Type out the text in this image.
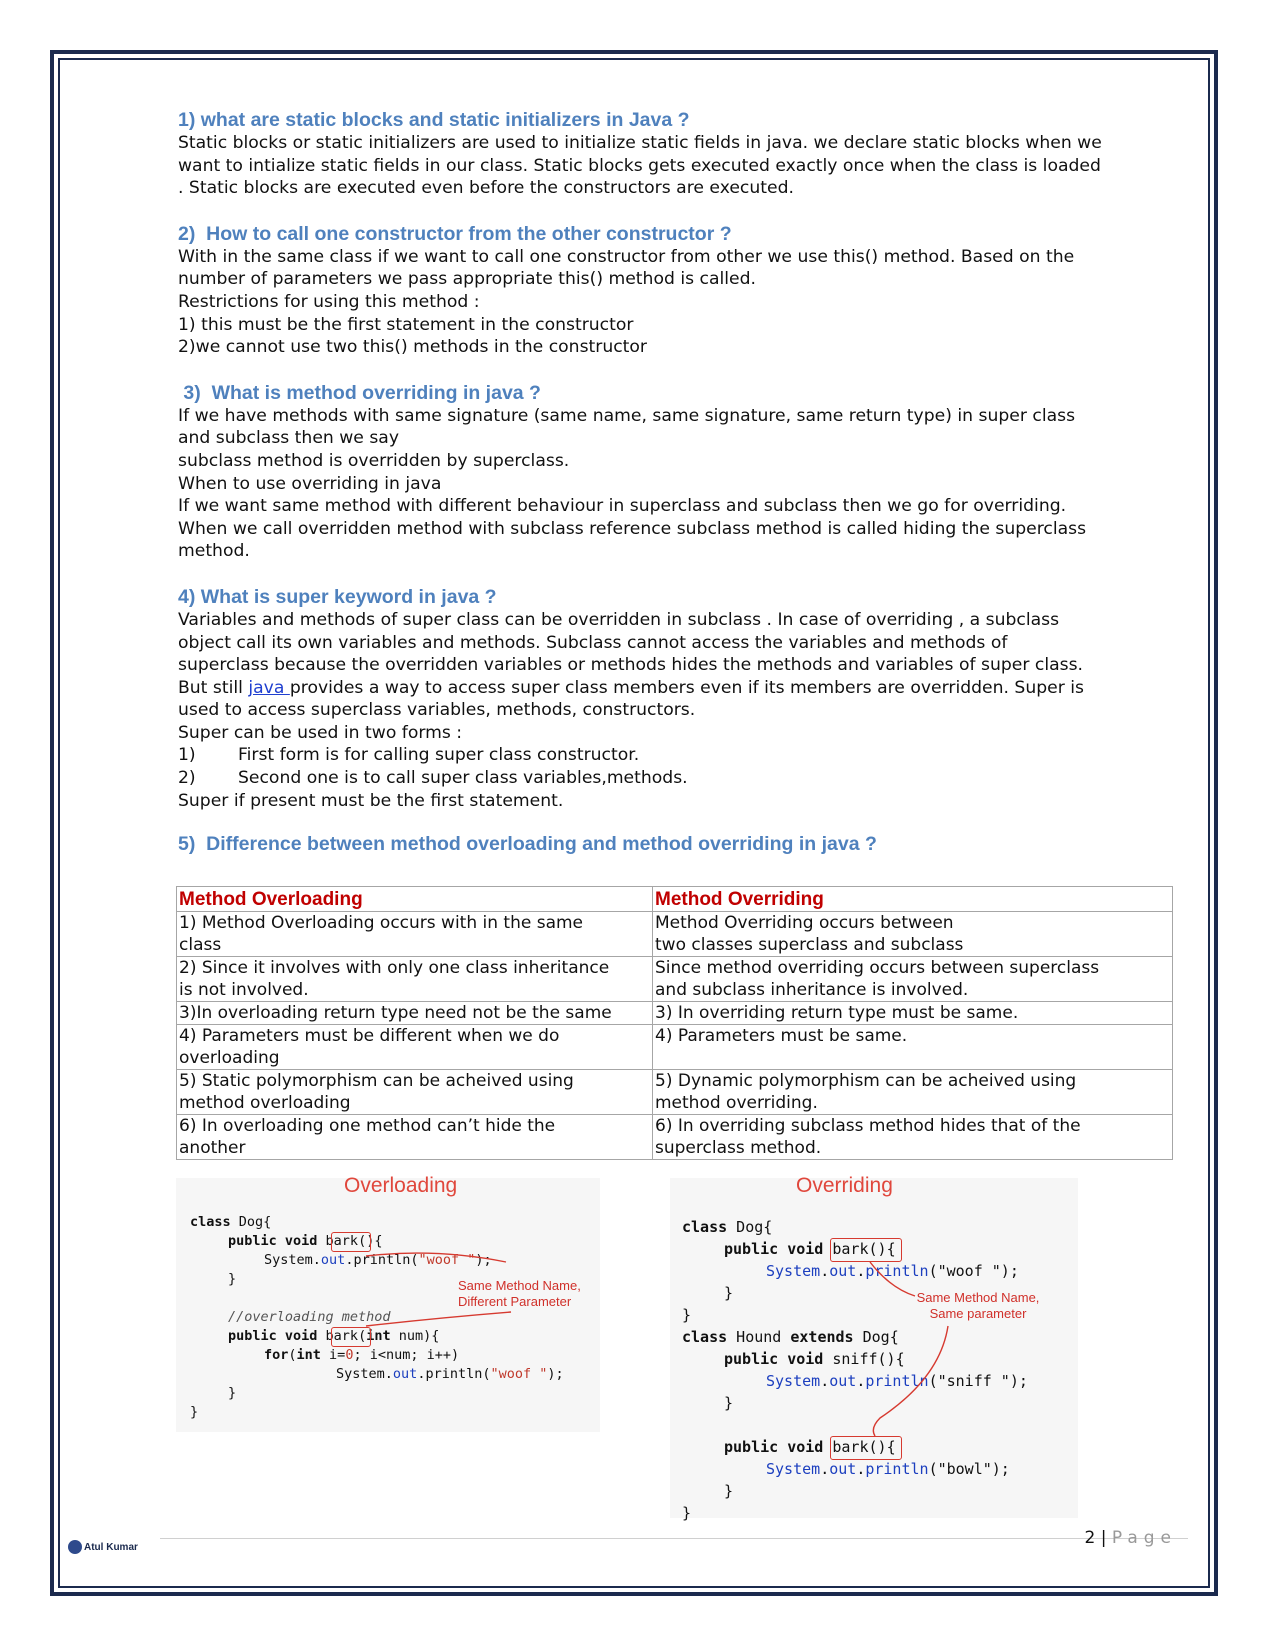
1) what are static blocks and static initializers in Java ?

Static blocks or static initializers are used to initialize static fields in java. we declare static blocks when we

want to intialize static fields in our class. Static blocks gets executed exactly once when the class is loaded

. Static blocks are executed even before the constructors are executed.

2)  How to call one constructor from the other constructor ?

With in the same class if we want to call one constructor from other we use this() method. Based on the

number of parameters we pass appropriate this() method is called.

Restrictions for using this method :

1) this must be the first statement in the constructor

2)we cannot use two this() methods in the constructor

3)  What is method overriding in java ?

If we have methods with same signature (same name, same signature, same return type) in super class

and subclass then we say

subclass method is overridden by superclass.

When to use overriding in java

If we want same method with different behaviour in superclass and subclass then we go for overriding.

When we call overridden method with subclass reference subclass method is called hiding the superclass

method.

4) What is super keyword in java ?

Variables and methods of super class can be overridden in subclass . In case of overriding , a subclass

object call its own variables and methods. Subclass cannot access the variables and methods of

superclass because the overridden variables or methods hides the methods and variables of super class.

But still java provides a way to access super class members even if its members are overridden. Super is

used to access superclass variables, methods, constructors.

Super can be used in two forms :

1) First form is for calling super class constructor.

2) Second one is to call super class variables,methods.

Super if present must be the first statement.

5)  Difference between method overloading and method overriding in java ?
Method Overloading	Method Overriding
1) Method Overloading occurs with in the same
class	Method Overriding occurs between
two classes superclass and subclass
2) Since it involves with only one class inheritance
is not involved.	Since method overriding occurs between superclass
and subclass inheritance is involved.
3)In overloading return type need not be the same	3) In overriding return type must be same.
4) Parameters must be different when we do
overloading	4) Parameters must be same.
5) Static polymorphism can be acheived using
method overloading	5) Dynamic polymorphism can be acheived using
method overriding.
6) In overloading one method can’t hide the
another	6) In overriding subclass method hides that of the
superclass method.
Overloading
class Dog{
public void bark(){
System.out.println("woof ");
}
//overloading method
public void bark(int num){
for(int i=0; i<num; i++)
System.out.println("woof ");
}
}
Same Method Name,
Different Parameter
Overriding
class Dog{
public void bark(){
System.out.println("woof ");
}
}
class Hound extends Dog{
public void sniff(){
System.out.println("sniff ");
}
public void bark(){
System.out.println("bowl");
}
}
Same Method Name,
Same parameter
2 | Page
Atul Kumar
